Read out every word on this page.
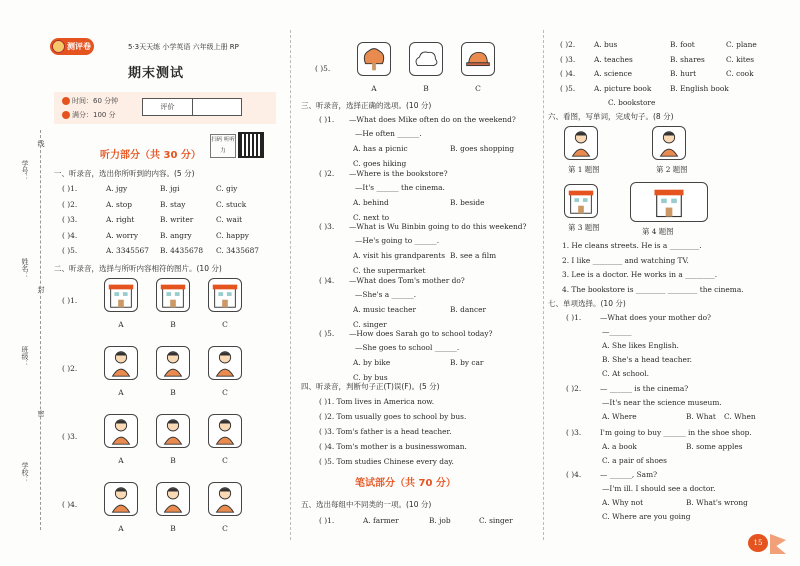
学号：
线
姓名：
封
班级：
密
学校：
测评卷	5·3天天练 小学英语 六年级上册 RP
期末测试
时间：60 分钟
满分：100 分
评价
扫码 听听力
听力部分（共 30 分）
一、听录音，选出你所听到的内容。(5 分)
( )1.	A. jgy	B. jgi	C. giy
( )2.	A. stop	B. stay	C. stuck
( )3.	A. right	B. writer	C. wait
( )4.	A. worry	B. angry	C. happy
( )5.	A. 3345567 B. 4435678 C. 3435687
二、听录音，选择与所听内容相符的图片。(10 分)
( )1.
A	B	C
( )2.
A	B	C
( )3.
A	B	C
( )4.
A	B	C
( )5.
A	B	C
三、听录音，选择正确的选项。(10 分)
( )1. —What does Mike often do on the weekend?
—He often ______.
A. has a picnic	B. goes shopping
C. goes hiking
( )2. —Where is the bookstore?
—It's ______ the cinema.
A. behind	B. beside
C. next to
( )3. —What is Wu Binbin going to do this weekend?
—He's going to ______.
A. visit his grandparents B. see a film
C. the supermarket
( )4. —What does Tom's mother do?
—She's a ______.
A. music teacher	B. dancer
C. singer
( )5. —How does Sarah go to school today?
—She goes to school ______.
A. by bike	B. by car
C. by bus
四、听录音，判断句子正(T)误(F)。(5 分)
( )1. Tom lives in America now.
( )2. Tom usually goes to school by bus.
( )3. Tom's father is a head teacher.
( )4. Tom's mother is a businesswoman.
( )5. Tom studies Chinese every day.
笔试部分（共 70 分）
五、选出每组中不同类的一项。(10 分)
( )1.	A. farmer	B. job	C. singer
( )2.	A. bus	B. foot	C. plane
( )3.	A. teaches	B. shares	C. kites
( )4.	A. science	B. hurt	C. cook
( )5.	A. picture book	B. English book
C. bookstore
六、看图，写单词，完成句子。(8 分)
第 1 题图	第 2 题图
第 3 题图	第 4 题图
1. He cleans streets. He is a ________.
2. I like ________ and watching TV.
3. Lee is a doctor. He works in a ________.
4. The bookstore is ________ ________ the cinema.
七、单项选择。(10 分)
( )1.	—What does your mother do?
—______
A. She likes English.
B. She's a head teacher.
C. At school.
( )2.	— ______ is the cinema?
—It's near the science museum.
A. Where	B. What C. When
( )3.	I'm going to buy ______ in the shoe shop.
A. a book	B. some apples
C. a pair of shoes
( )4.	— ______, Sam?
—I'm ill. I should see a doctor.
A. Why not	B. What's wrong
C. Where are you going
15
